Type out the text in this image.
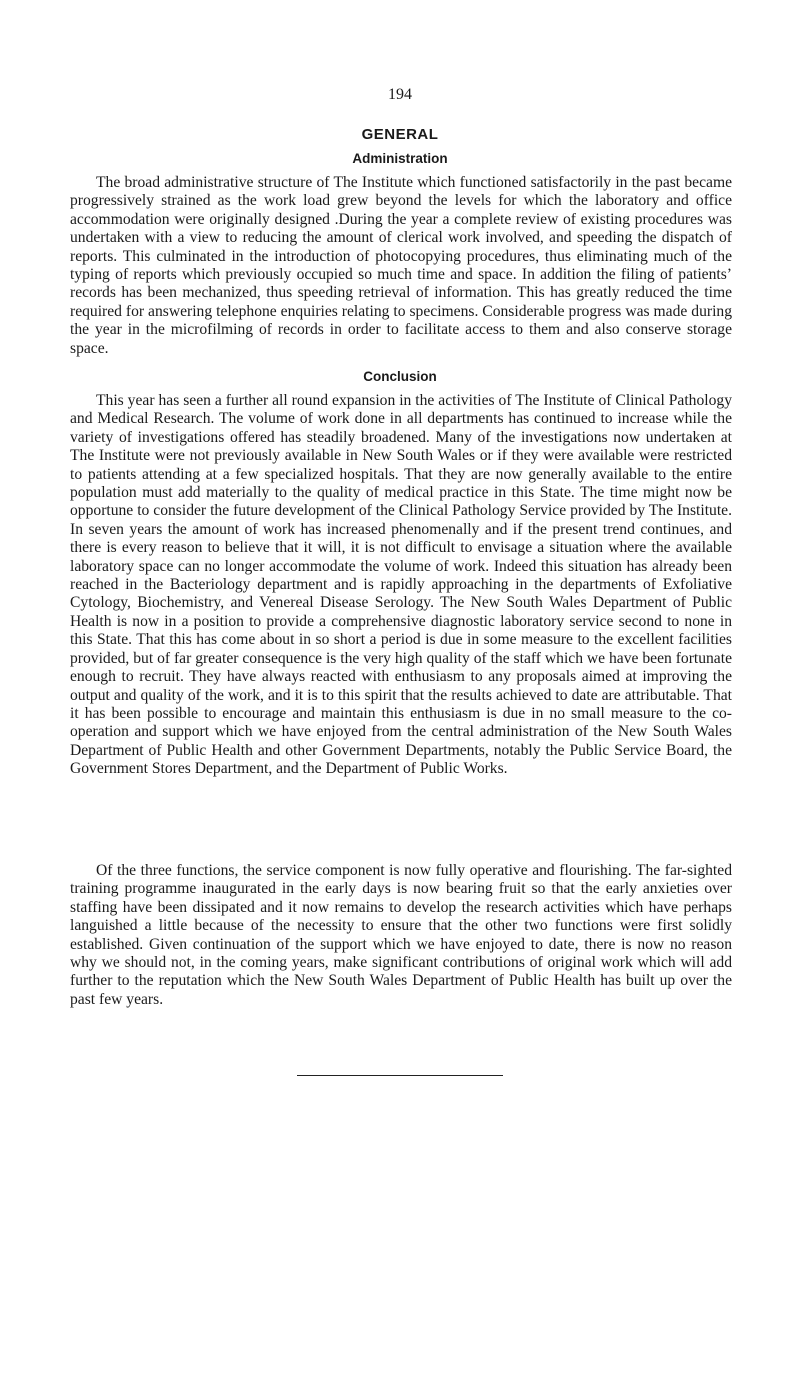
194
GENERAL
Administration

The broad administrative structure of The Institute which functioned satisfactorily in the past became progressively strained as the work load grew beyond the levels for which the laboratory and office accommodation were originally designed .During the year a complete review of existing procedures was undertaken with a view to reducing the amount of clerical work involved, and speeding the dispatch of reports. This culminated in the introduction of photocopying procedures, thus eliminating much of the typing of reports which previously occupied so much time and space. In addition the filing of patients’ records has been mechanized, thus speeding retrieval of information. This has greatly reduced the time required for answering telephone enquiries relating to specimens. Considerable progress was made during the year in the microfilming of records in order to facilitate access to them and also conserve storage space.

Conclusion

This year has seen a further all round expansion in the activities of The Institute of Clinical Pathology and Medical Research. The volume of work done in all departments has continued to increase while the variety of investigations offered has steadily broadened. Many of the investigations now undertaken at The Institute were not previously available in New South Wales or if they were available were restricted to patients attending at a few specialized hospitals. That they are now generally available to the entire population must add materially to the quality of medical practice in this State. The time might now be opportune to consider the future development of the Clinical Pathology Service provided by The Institute. In seven years the amount of work has increased phenomenally and if the present trend continues, and there is every reason to believe that it will, it is not difficult to envisage a situation where the available laboratory space can no longer accommodate the volume of work. Indeed this situation has already been reached in the Bacteriology department and is rapidly approaching in the departments of Exfoliative Cytology, Biochemistry, and Venereal Disease Serology. The New South Wales Department of Public Health is now in a position to provide a comprehensive diagnostic laboratory service second to none in this State. That this has come about in so short a period is due in some measure to the excellent facilities provided, but of far greater consequence is the very high quality of the staff which we have been fortunate enough to recruit. They have always reacted with enthusiasm to any proposals aimed at improving the output and quality of the work, and it is to this spirit that the results achieved to date are attributable. That it has been possible to encourage and maintain this enthusiasm is due in no small measure to the co-operation and support which we have enjoyed from the central administration of the New South Wales Department of Public Health and other Government Departments, notably the Public Service Board, the Government Stores Department, and the Department of Public Works.

Of the three functions, the service component is now fully operative and flourishing. The far-sighted training programme inaugurated in the early days is now bearing fruit so that the early anxieties over staffing have been dissipated and it now remains to develop the research activities which have perhaps languished a little because of the necessity to ensure that the other two functions were first solidly established. Given continuation of the support which we have enjoyed to date, there is now no reason why we should not, in the coming years, make significant contributions of original work which will add further to the reputation which the New South Wales Department of Public Health has built up over the past few years.
